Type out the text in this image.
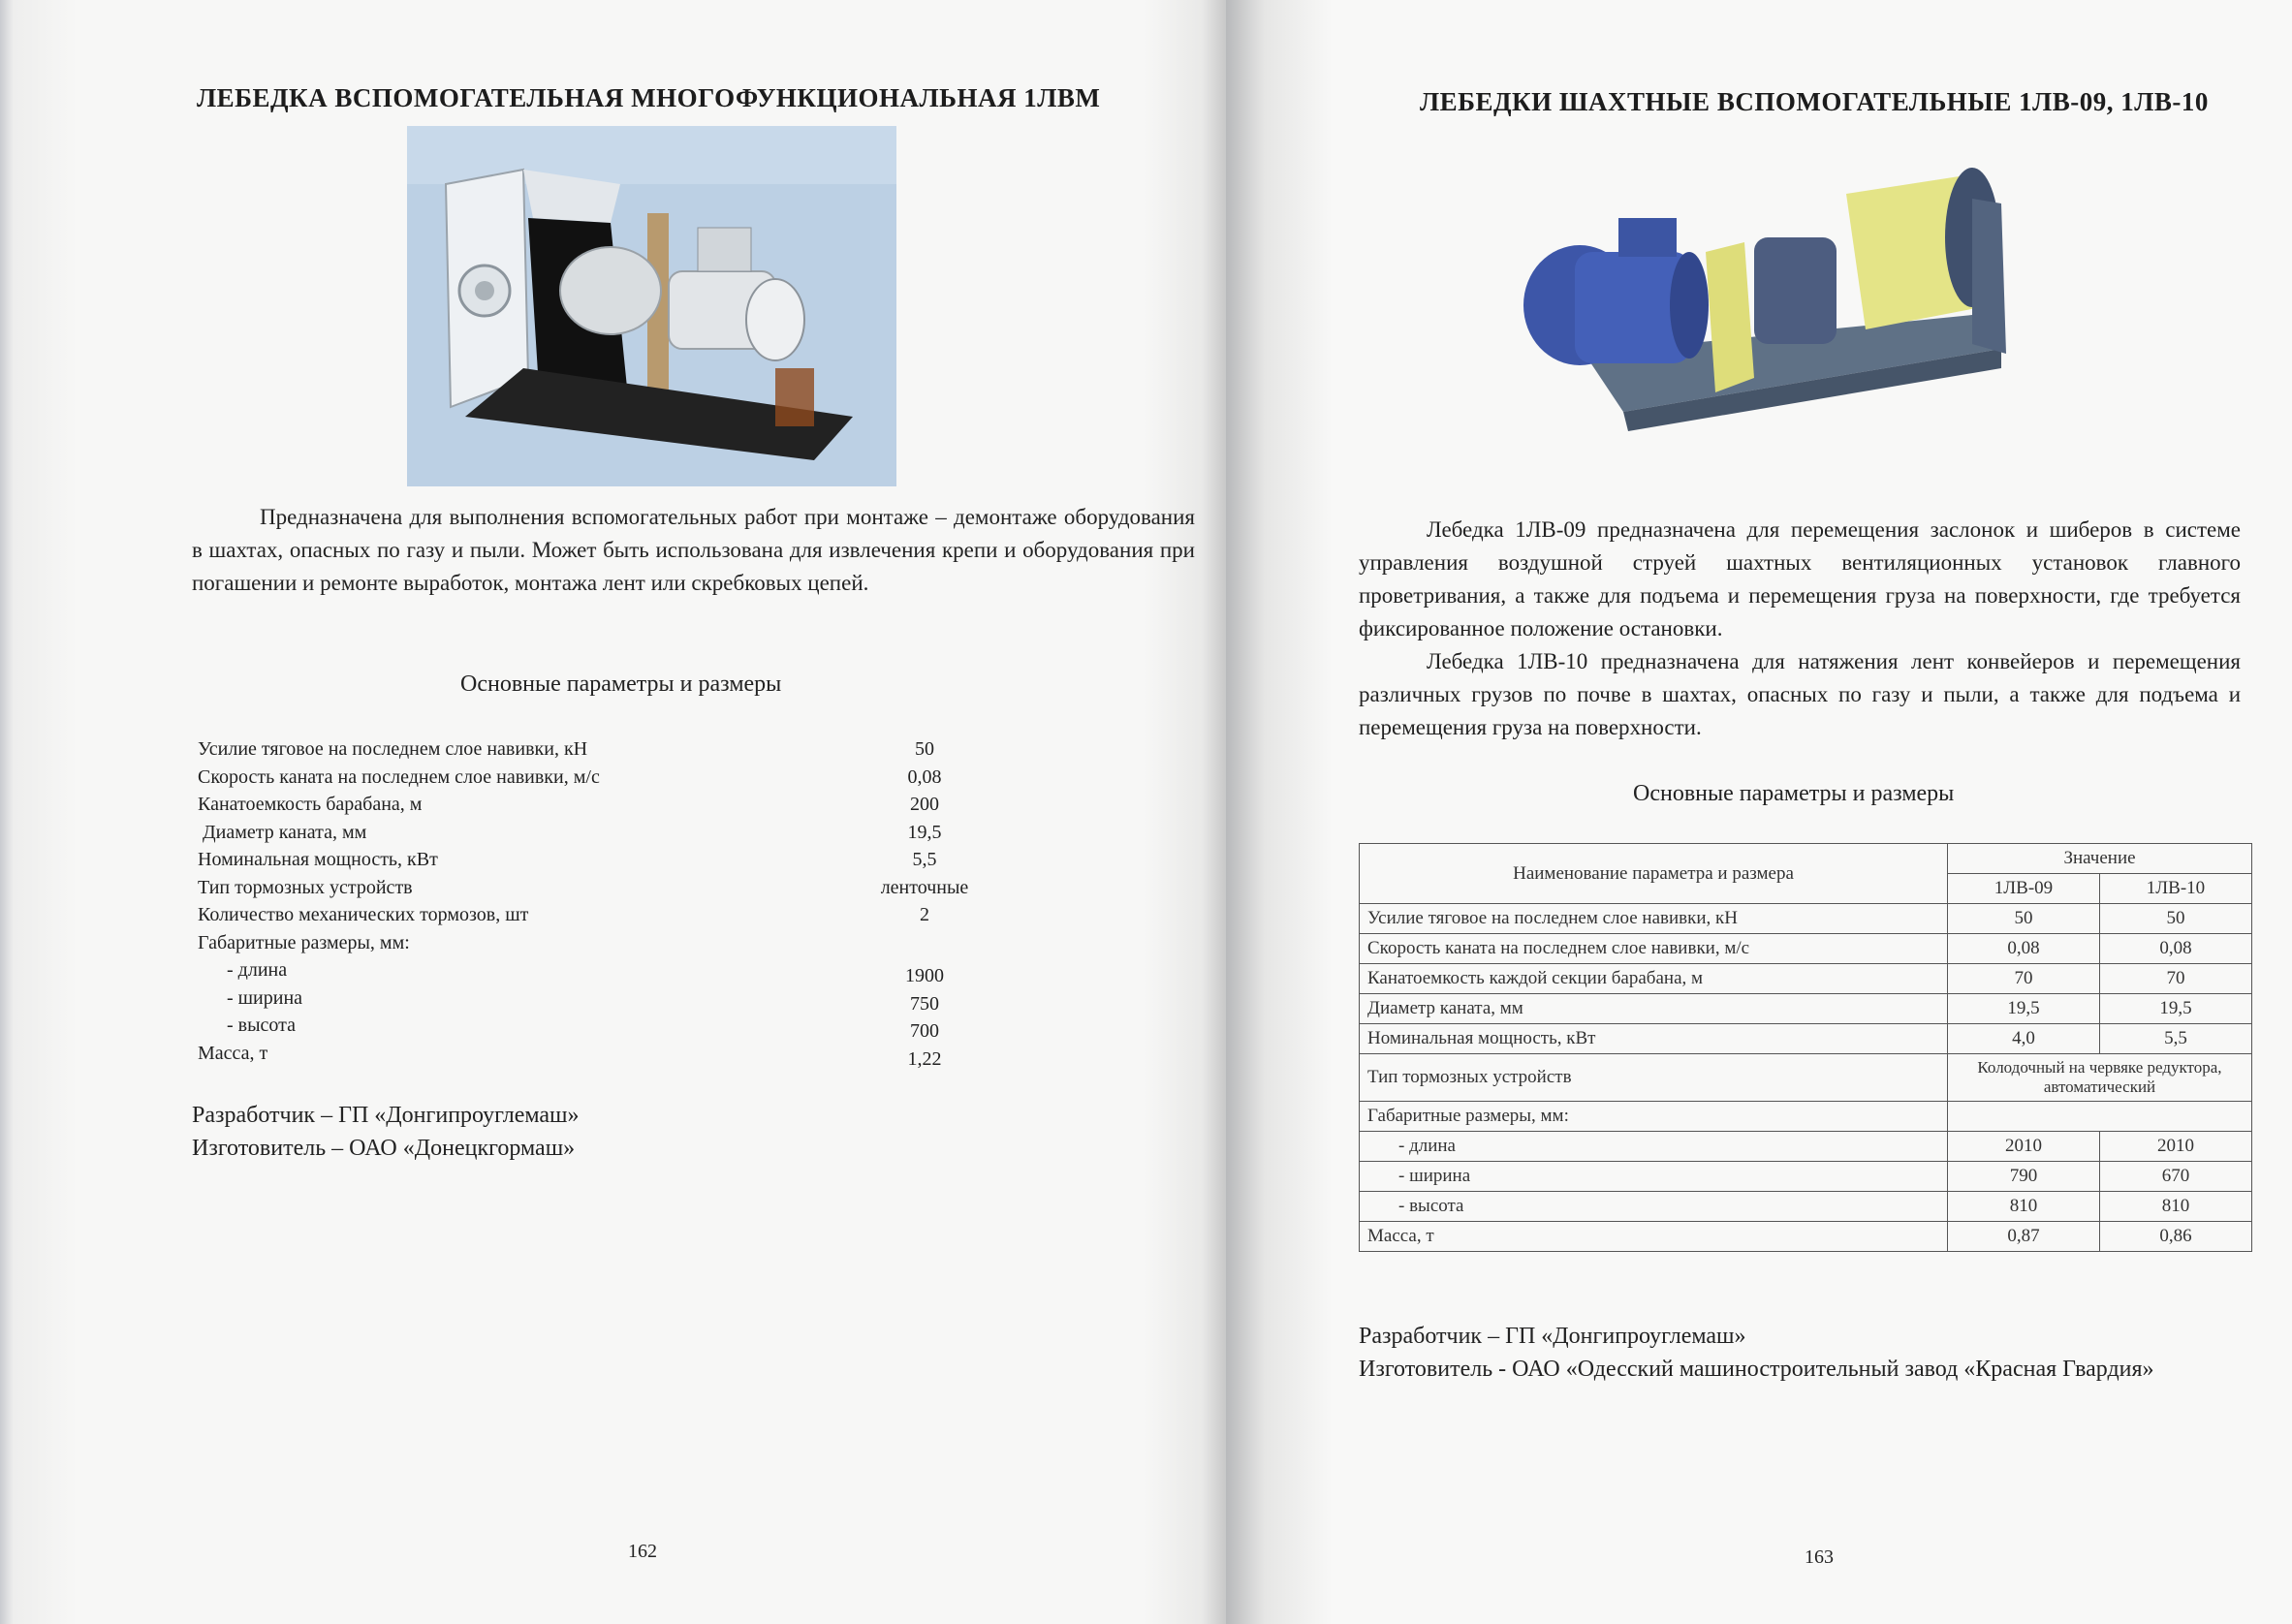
ЛЕБЕДКА ВСПОМОГАТЕЛЬНАЯ МНОГОФУНКЦИОНАЛЬНАЯ 1ЛВМ

Предназначена для выполнения вспомогательных работ при монтаже – демонтаже оборудования в шахтах, опасных по газу и пыли. Может быть использована для извлечения крепи и оборудования при погашении и ремонте выработок, монтажа лент или скребковых цепей.

Основные параметры и размеры
Усилие тяговое на последнем слое навивки, кН	50
Скорость каната на последнем слое навивки, м/с	0,08
Канатоемкость барабана, м	200
Диаметр каната, мм	19,5
Номинальная мощность, кВт	5,5
Тип тормозных устройств	ленточные
Количество механических тормозов, шт	2
Габаритные размеры, мм:
- длина	1900
- ширина	750
- высота	700
Масса, т	1,22
Разработчик – ГП «Донгипроуглемаш»
Изготовитель – ОАО «Донецкгормаш»
162
ЛЕБЕДКИ ШАХТНЫЕ ВСПОМОГАТЕЛЬНЫЕ 1ЛВ-09, 1ЛВ-10

Лебедка 1ЛВ-09 предназначена для перемещения заслонок и шиберов в системе управления воздушной струей шахтных вентиляционных установок главного проветривания, а также для подъема и перемещения груза на поверхности, где требуется фиксированное положение остановки.

Лебедка 1ЛВ-10 предназначена для натяжения лент конвейеров и перемещения различных грузов по почве в шахтах, опасных по газу и пыли, а также для подъема и перемещения груза на поверхности.

Основные параметры и размеры
Наименование параметра и размера	Значение	
	1ЛВ-09	1ЛВ-10
Усилие тяговое на последнем слое навивки, кН	50	50
Скорость каната на последнем слое навивки, м/с	0,08	0,08
Канатоемкость каждой секции барабана, м	70	70
Диаметр каната, мм	19,5	19,5
Номинальная мощность, кВт	4,0	5,5
Тип тормозных устройств	Колодочный на червяке редуктора, автоматический	
Габаритные размеры, мм:		
- длина	2010	2010
- ширина	790	670
- высота	810	810
Масса, т	0,87	0,86
Разработчик – ГП «Донгипроуглемаш»
Изготовитель - ОАО «Одесский машиностроительный завод «Красная Гвардия»
163
